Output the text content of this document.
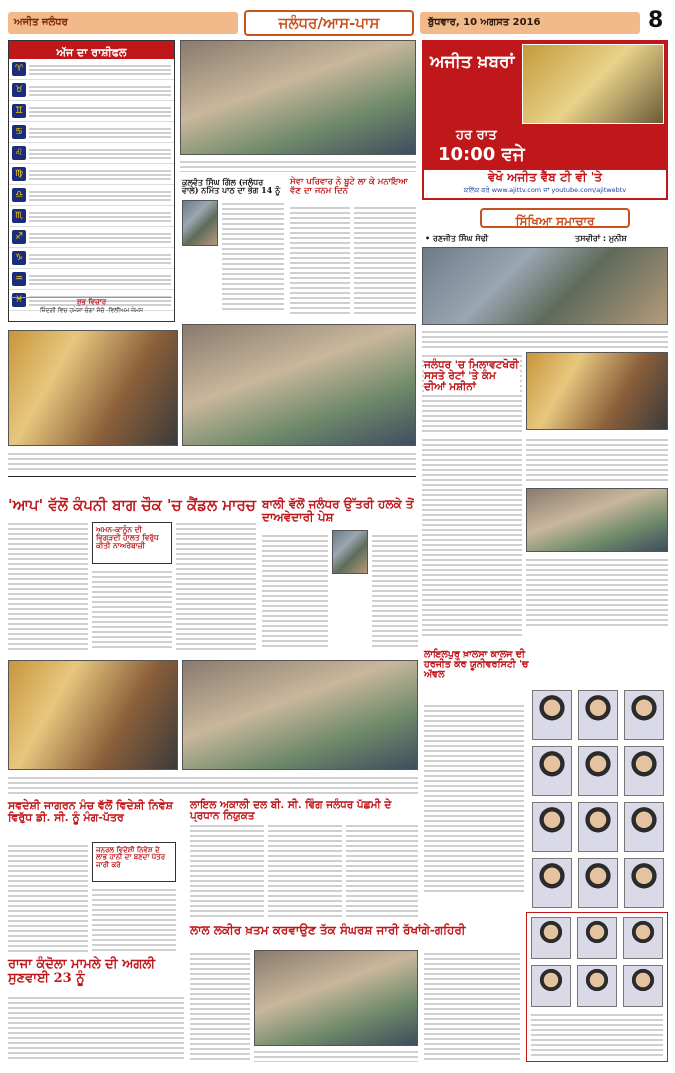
ਅਜੀਤ ਜਲੰਧਰ	ਜਲੰਧਰ/ਆਸ-ਪਾਸ	ਬੁੱਧਵਾਰ, 10 ਅਗਸਤ 2016	8
ਅੱਜ ਦਾ ਰਾਸ਼ੀਫਲ
♈
♉
♊
♋
♌
♍
♎
♏
♐
♑
♒
♓	ਸ਼ੁਭ ਵਿਚਾਰ
ਜ਼ਿੰਦਗੀ ਵਿਚ ਹਮੇਸ਼ਾ ਚੰਗਾ ਸੋਚੋ -ਵਿਲੀਅਮ ਜੇਮਸ
ਅਜੀਤ ਖ਼ਬਰਾਂ
ਹਰ ਰਾਤ
10:00 ਵਜੇ
ਵੇਖੋ ਅਜੀਤ ਵੈੱਬ ਟੀ ਵੀ 'ਤੇ
ਕਲਿੱਕ ਕਰੋ www.ajittv.com ਜਾਂ youtube.com/ajitwebtv
ਸਿੱਖਿਆ ਸਮਾਚਾਰ
• ਰਣਜੀਤ ਸਿੰਘ ਸੋਢੀ	ਤਸਵੀਰਾਂ : ਮੁਨੀਸ਼
ਜਲੰਧਰ 'ਚ ਮਿਲਾਵਟਖੋਰੀ ਸਸਤੇ ਰੇਟਾਂ 'ਤੇ ਕੰਮ ਦੀਆਂ ਮਸ਼ੀਨਾਂ
ਕੁਲਵੰਤ ਸਿੰਘ ਗਿੱਲ (ਜਲੰਧਰ ਵਾਲੇ) ਨਮਿੱਤ ਪਾਠ ਦਾ ਭੋਗ 14 ਨੂੰ
ਸੇਵਾ ਪਰਿਵਾਰ ਨੇ ਬੂਟੇ ਲਾ ਕੇ ਮਨਾਇਆ ਵੱਣ ਦਾ ਜਨਮ ਦਿਨ
'ਆਪ' ਵੱਲੋਂ ਕੰਪਨੀ ਬਾਗ ਚੌਕ 'ਚ ਕੈਂਡਲ ਮਾਰਚ
ਅਮਨ-ਕਾਨੂੰਨ ਦੀ ਵਿਗੜਦੀ ਹਾਲਤ ਵਿਰੁੱਧ ਕੀਤੀ ਨਾਅਰੇਬਾਜ਼ੀ
ਬਾਲੀ ਵੱਲੋਂ ਜਲੰਧਰ ਉੱਤਰੀ ਹਲਕੇ ਤੋਂ ਦਾਅਵੇਦਾਰੀ ਪੇਸ਼
ਲਾਇਲਪੁਰ ਖ਼ਾਲਸਾ ਕਾਲਜ ਦੀ ਹਰਜੀਤ ਕੌਰ ਯੂਨੀਵਰਸਿਟੀ 'ਚ ਅੱਵਲ
ਸਵਦੇਸ਼ੀ ਜਾਗਰਨ ਮੰਚ ਵੱਲੋਂ ਵਿਦੇਸ਼ੀ ਨਿਵੇਸ਼ ਵਿਰੁੱਧ ਡੀ. ਸੀ. ਨੂੰ ਮੰਗ-ਪੱਤਰ
ਜਨਰਲ ਵਿਦੇਸ਼ੀ ਨਿਵੇਸ਼ ਦੇ ਲਾਭ ਹਾਨੀ ਦਾ ਬਣਦਾ ਪੱਤਰ ਜਾਰੀ ਕਰੇ
ਲਾਇਲ ਅਕਾਲੀ ਦਲ ਬੀ. ਸੀ. ਵਿੰਗ ਜਲੰਧਰ ਪੱਛਮੀ ਦੇ ਪ੍ਰਧਾਨ ਨਿਯੁਕਤ
ਰਾਜਾ ਕੰਦੋਲਾ ਮਾਮਲੇ ਦੀ ਅਗਲੀ ਸੁਣਵਾਈ 23 ਨੂੰ
ਲਾਲ ਲਕੀਰ ਖ਼ਤਮ ਕਰਵਾਉਣ ਤੱਕ ਸੰਘਰਸ਼ ਜਾਰੀ ਰੱਖਾਂਗੇ-ਗਹਿਰੀ
